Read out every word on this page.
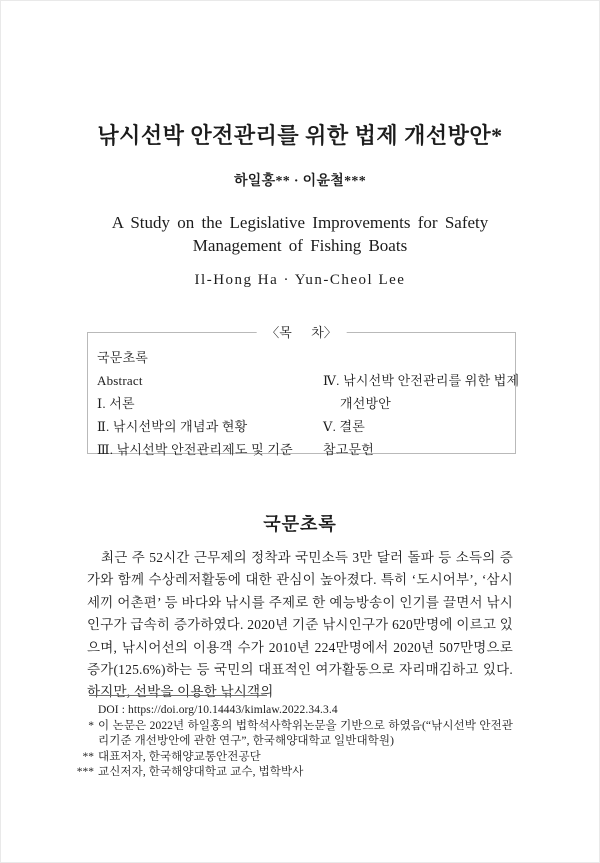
낚시선박 안전관리를 위한 법제 개선방안*
하일홍** · 이윤철***
A Study on the Legislative Improvements for Safety
Management of Fishing Boats
Il-Hong Ha · Yun-Cheol Lee
〈목      차〉
국문초록
Abstract
Ⅰ. 서론
Ⅱ. 낚시선박의 개념과 현황
Ⅲ. 낚시선박 안전관리제도 및 기준
Ⅳ. 낚시선박 안전관리를 위한 법제
개선방안
Ⅴ. 결론
참고문헌
국문초록
최근 주 52시간 근무제의 정착과 국민소득 3만 달러 돌파 등 소득의 증가와 함께 수상레저활동에 대한 관심이 높아졌다. 특히 ‘도시어부’, ‘삼시세끼 어촌편’ 등 바다와 낚시를 주제로 한 예능방송이 인기를 끌면서 낚시인구가 급속히 증가하였다. 2020년 기준 낚시인구가 620만명에 이르고 있으며, 낚시어선의 이용객 수가 2010년 224만명에서 2020년 507만명으로 증가(125.6%)하는 등 국민의 대표적인 여가활동으로 자리매김하고 있다. 하지만, 선박을 이용한 낚시객의
DOI : https://doi.org/10.14443/kimlaw.2022.34.3.4
* 이 논문은 2022년 하일홍의 법학석사학위논문을 기반으로 하였음(“낚시선박 안전관리기준 개선방안에 관한 연구”, 한국해양대학교 일반대학원)
** 대표저자, 한국해양교통안전공단
*** 교신저자, 한국해양대학교 교수, 법학박사
